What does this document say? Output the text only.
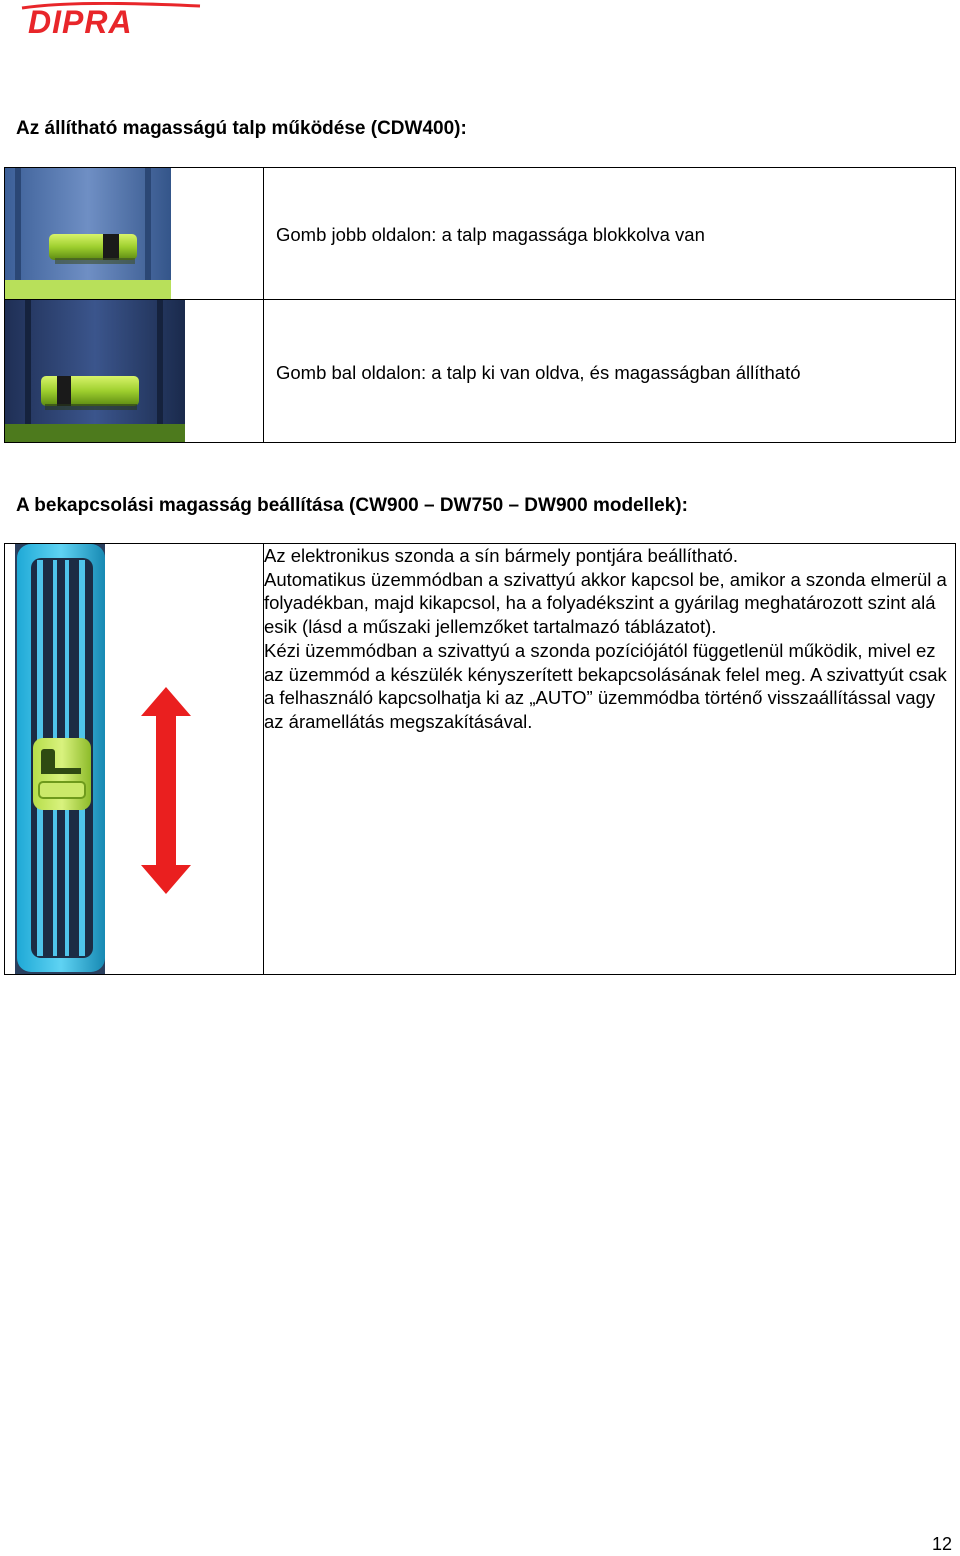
DIPRA
Az állítható magasságú talp működése (CDW400):

Gomb jobb oldalon: a talp magassága blokkolva van

Gomb bal oldalon: a talp ki van oldva, és magasságban állítható
A bekapcsolási magasság beállítása (CW900 – DW750 – DW900 modellek):

Az elektronikus szonda a sín bármely pontjára beállítható.

Automatikus üzemmódban a szivattyú akkor kapcsol be, amikor a szonda elmerül a folyadékban, majd kikapcsol, ha a folyadékszint a gyárilag meghatározott szint alá esik (lásd a műszaki jellemzőket tartalmazó táblázatot).

Kézi üzemmódban a szivattyú a szonda pozíciójától függetlenül működik, mivel ez az üzemmód a készülék kényszerített bekapcsolásának felel meg. A szivattyút csak a felhasználó kapcsolhatja ki az „AUTO” üzemmódba történő visszaállítással vagy az áramellátás megszakításával.

12
